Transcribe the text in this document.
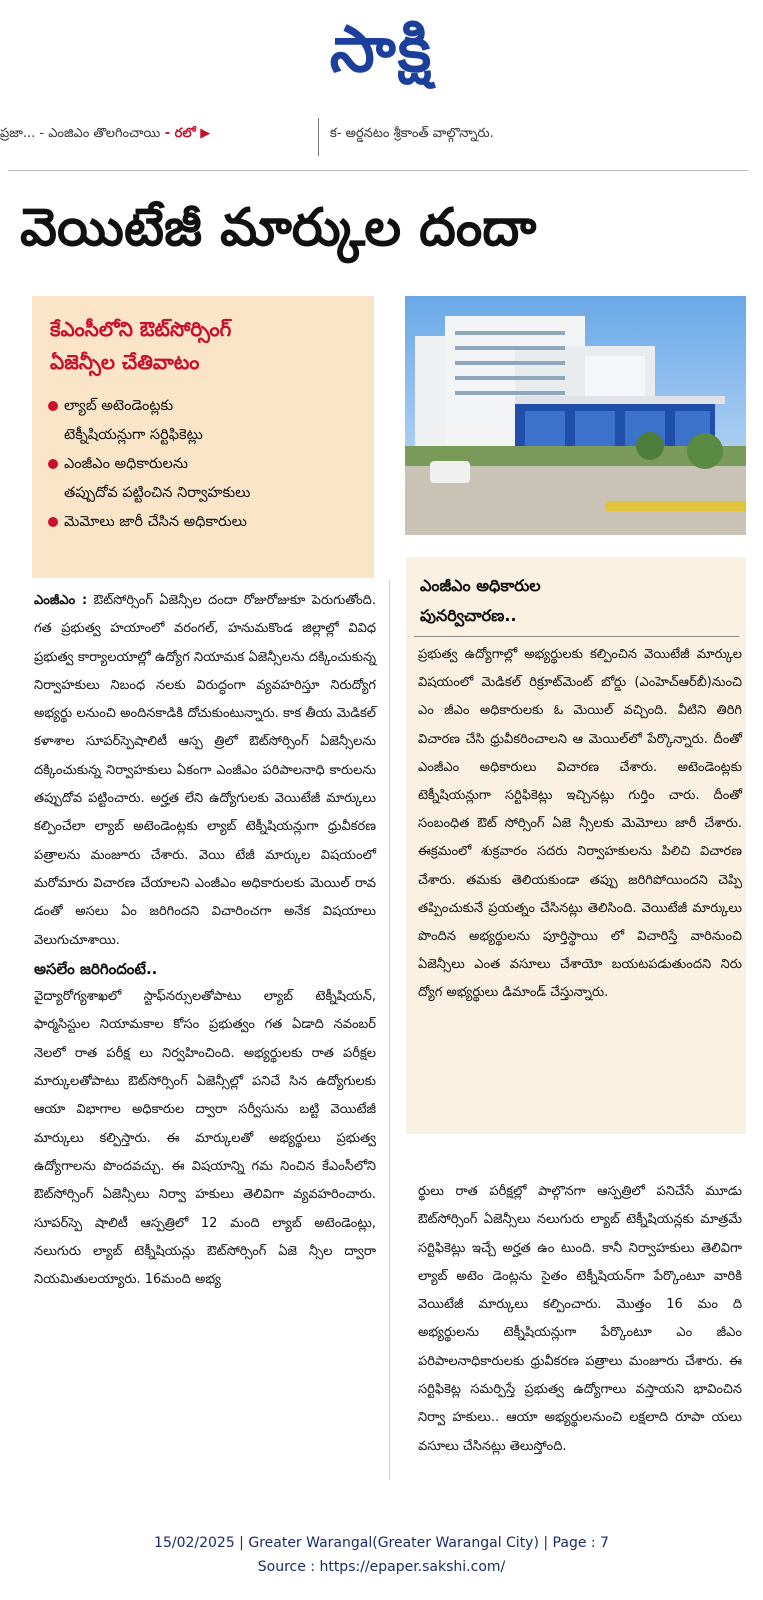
సాక్షి
ప్రజా... - ఎంజిఎం తొలగించాయి - రలో ▶	క- అర్డనటం శ్రీకాంత్ వాల్గొన్నారు.
వెయిటేజీ మార్కుల దందా
కేఎంసీలోని ఔట్‌సోర్సింగ్
ఏజెన్సీల చేతివాటం
ల్యాబ్ అటెండెంట్లకు
టెక్నీషియన్లుగా సర్టిఫికెట్లు
ఎంజీఎం అధికారులను
తప్పుదోవ పట్టించిన నిర్వాహకులు
మెమోలు జారీ చేసిన అధికారులు
ఎంజీఎం అధికారుల
పునర్విచారణ..
ప్రభుత్వ ఉద్యోగాల్లో అభ్యర్థులకు కల్పించిన వెయిటేజీ మార్కుల విషయంలో మెడికల్ రిక్రూట్‌మెంట్ బోర్డు (ఎంహెచ్‌ఆర్‌బీ)నుంచి ఎం జీఎం అధికారులకు ఓ మెయిల్ వచ్చింది. వీటిని తిరిగి విచారణ చేసి ధ్రువీకరించాలని ఆ మెయిల్‌లో పేర్కొన్నారు. దీంతో ఎంజీఎం అధికారులు విచారణ చేశారు. అటెండెంట్లకు టెక్నీషియన్లుగా సర్టిఫికెట్లు ఇచ్చినట్లు గుర్తిం చారు. దీంతో సంబంధిత ఔట్ సోర్సింగ్ ఏజె న్సీలకు మెమోలు జారీ చేశారు. ఈక్రమంలో శుక్రవారం సదరు నిర్వాహకులను పిలిచి విచారణ చేశారు. తమకు తెలియకుండా తప్పు జరిగిపోయిందని చెప్పి తప్పించుకునే ప్రయత్నం చేసినట్లు తెలిసింది. వెయిటేజీ మార్కులు పొందిన అభ్యర్థులను పూర్తిస్థాయి లో విచారిస్తే వారినుంచి ఏజెన్సీలు ఎంత వసూలు చేశాయో బయటపడుతుందని నిరు ద్యోగ అభ్యర్థులు డిమాండ్ చేస్తున్నారు.

ఎంజీఎం : ఔట్‌సోర్సింగ్ ఏజెన్సీల దందా రోజురోజుకూ పెరుగుతోంది. గత ప్రభుత్వ హయాంలో వరంగల్, హనుమకొండ జిల్లాల్లో వివిధ ప్రభుత్వ కార్యాలయాల్లో ఉద్యోగ నియామక ఏజెన్సీలను దక్కించుకున్న నిర్వాహకులు నిబంధ నలకు విరుద్ధంగా వ్యవహరిస్తూ నిరుద్యోగ అభ్యర్థు లనుంచి అందినకాడికి దోచుకుంటున్నారు. కాక తీయ మెడికల్ కళాశాల సూపర్‌స్పెషాలిటీ ఆస్ప త్రిలో ఔట్‌సోర్సింగ్ ఏజెన్సీలను దక్కించుకున్న నిర్వాహకులు ఏకంగా ఎంజీఎం పరిపాలనాధి కారులను తప్పుదోవ పట్టించారు. అర్హత లేని ఉద్యోగులకు వెయిటేజీ మార్కులు కల్పించేలా ల్యాబ్ అటెండెంట్లకు ల్యాబ్ టెక్నీషియన్లుగా ధ్రువీకరణ పత్రాలను మంజూరు చేశారు. వెయి టేజీ మార్కుల విషయంలో మరోమారు విచారణ చేయాలని ఎంజీఎం అధికారులకు మెయిల్ రావ డంతో అసలు ఏం జరిగిందని విచారించగా అనేక విషయాలు వెలుగుచూశాయి.

అసలేం జరిగిందంటే..

వైద్యారోగ్యశాఖలో స్టాఫ్‌నర్సులతోపాటు ల్యాబ్ టెక్నీషియన్, ఫార్మసిస్టుల నియామకాల కోసం ప్రభుత్వం గత ఏడాది నవంబర్ నెలలో రాత పరీక్ష లు నిర్వహించింది. అభ్యర్థులకు రాత పరీక్షల మార్కులతోపాటు ఔట్‌సోర్సింగ్ ఏజెన్సీల్లో పనిచే సిన ఉద్యోగులకు ఆయా విభాగాల అధికారుల ద్వారా సర్వీసును బట్టి వెయిటేజీ మార్కులు కల్పిస్తారు. ఈ మార్కులతో అభ్యర్థులు ప్రభుత్వ ఉద్యోగాలను పొందవచ్చు. ఈ విషయాన్ని గమ నించిన కేఎంసీలోని ఔట్‌సోర్సింగ్ ఏజెన్సీలు నిర్వా హకులు తెలివిగా వ్యవహరించారు. సూపర్‌స్పె షాలిటీ ఆస్పత్రిలో 12 మంది ల్యాబ్ అటెండెంట్లు, నలుగురు ల్యాబ్ టెక్నీషియన్లు ఔట్‌సోర్సింగ్ ఏజె న్సీల ద్వారా నియమితులయ్యారు. 16మంది అభ్య

ర్థులు రాత పరీక్షల్లో పాల్గొనగా ఆస్పత్రిలో పనిచేసే మూడు ఔట్‌సోర్సింగ్ ఏజెన్సీలు నలుగురు ల్యాబ్ టెక్నీషియన్లకు మాత్రమే సర్టిఫికెట్లు ఇచ్చే అర్హత ఉం టుంది. కానీ నిర్వాహకులు తెలివిగా ల్యాబ్ అటెం డెంట్లను సైతం టెక్నీషియన్‌గా పేర్కొంటూ వారికి వెయిటేజీ మార్కులు కల్పించారు. మొత్తం 16 మం ది అభ్యర్థులను టెక్నీషియన్లుగా పేర్కొంటూ ఎం జీఎం పరిపాలనాధికారులకు ధ్రువీకరణ పత్రాలు మంజూరు చేశారు. ఈ సర్టిఫికెట్ల సమర్పిస్తే ప్రభుత్వ ఉద్యోగాలు వస్తాయని భావించిన నిర్వా హకులు.. ఆయా అభ్యర్థులనుంచి లక్షలాది రూపా యలు వసూలు చేసినట్లు తెలుస్తోంది.
15/02/2025 | Greater Warangal(Greater Warangal City) | Page : 7
Source : https://epaper.sakshi.com/
